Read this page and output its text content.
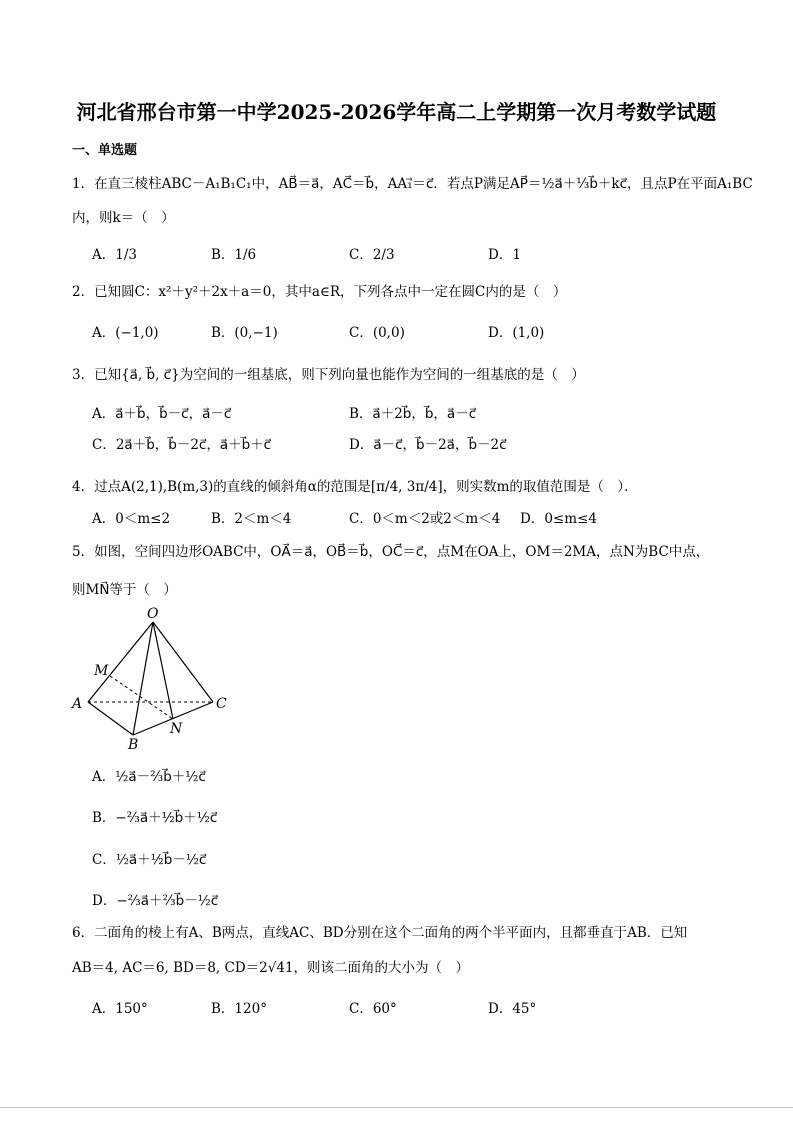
河北省邢台市第一中学2025-2026学年高二上学期第一次月考数学试题
一、单选题
1．在直三棱柱ABC－A₁B₁C₁中，AB⃗＝a⃗，AC⃗＝b⃗，AA₁⃗＝c⃗．若点P满足AP⃗＝½a⃗＋⅓b⃗＋kc⃗，且点P在平面A₁BC
内，则k＝（　）
A．1/3	B．1/6	C．2/3	D．1
2．已知圆C：x²＋y²＋2x＋a＝0，其中a∈R，下列各点中一定在圆C内的是（　）
A．(−1,0)	B．(0,−1)	C．(0,0)	D．(1,0)
3．已知{a⃗, b⃗, c⃗}为空间的一组基底，则下列向量也能作为空间的一组基底的是（　）
A．a⃗＋b⃗，b⃗－c⃗，a⃗－c⃗	B．a⃗＋2b⃗，b⃗，a⃗－c⃗
C．2a⃗＋b⃗，b⃗－2c⃗，a⃗＋b⃗＋c⃗	D．a⃗－c⃗，b⃗－2a⃗，b⃗－2c⃗
4．过点A(2,1),B(m,3)的直线的倾斜角α的范围是[π/4, 3π/4]，则实数m的取值范围是（　）．
A．0＜m≤2	B．2＜m＜4	C．0＜m＜2或2＜m＜4 D．0≤m≤4
5．如图，空间四边形OABC中，OA⃗＝a⃗，OB⃗＝b⃗，OC⃗＝c⃗，点M在OA上，OM＝2MA，点N为BC中点，
则MN⃗等于（　）
O
M
A	C
N
B
A．½a⃗－⅔b⃗＋½c⃗
B．−⅔a⃗＋½b⃗＋½c⃗
C．½a⃗＋½b⃗－½c⃗
D．−⅔a⃗＋⅔b⃗－½c⃗
6．二面角的棱上有A、B两点，直线AC、BD分别在这个二面角的两个半平面内，且都垂直于AB．已知
AB＝4, AC＝6, BD＝8, CD＝2√41，则该二面角的大小为（　）
A．150°	B．120°	C．60°	D．45°
